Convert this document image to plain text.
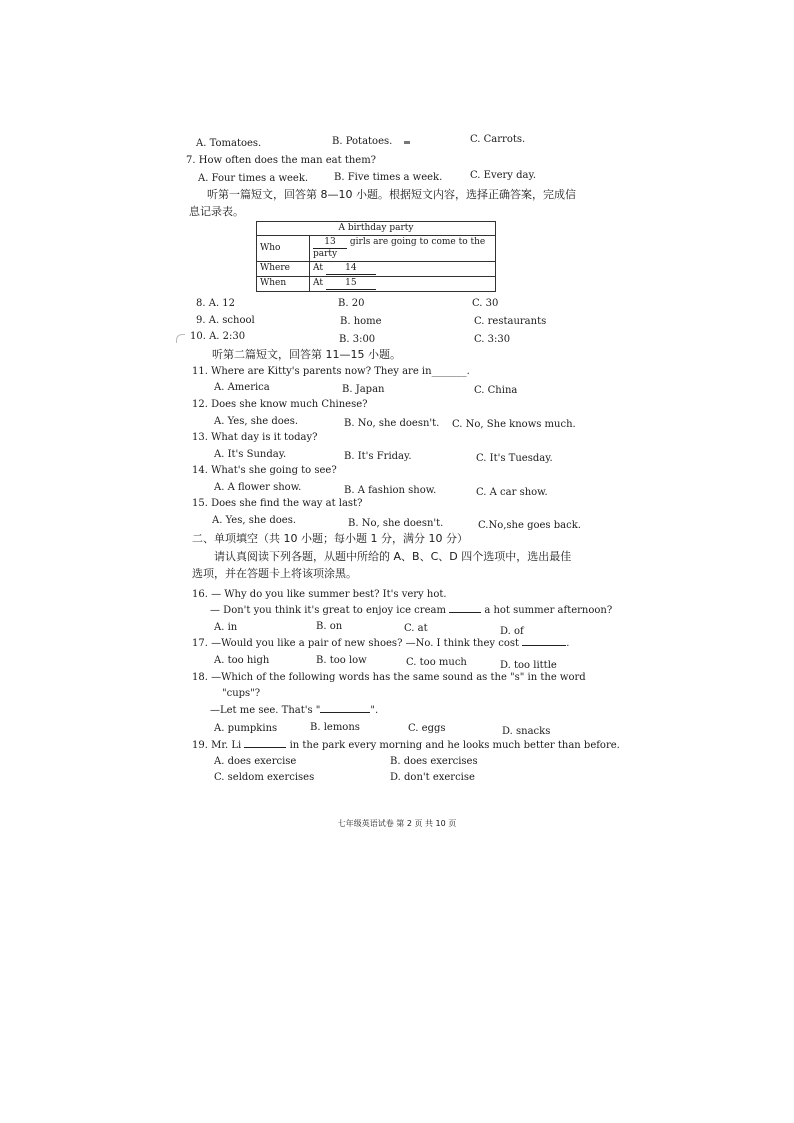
A. Tomatoes.	B. Potatoes.	C. Carrots.
7. How often does the man eat them?
A. Four times a week.	B. Five times a week.	C. Every day.
听第一篇短文，回答第 8—10 小题。根据短文内容，选择正确答案，完成信
息记录表。
A birthday party	
Who	13 girls are going to come to the
party
Where	At 14
When	At 15
8. A. 12	B. 20	C. 30
9. A. school	B. home	C. restaurants
10. A. 2:30	B. 3:00	C. 3:30
听第二篇短文，回答第 11—15 小题。
11. Where are Kitty's parents now? They are in_______.
A. America	B. Japan	C. China
12. Does she know much Chinese?
A. Yes, she does.	B. No, she doesn't. C. No, She knows much.
13. What day is it today?
A. It's Sunday.	B. It's Friday.	C. It's Tuesday.
14. What's she going to see?
A. A flower show.	B. A fashion show.	C. A car show.
15. Does she find the way at last?
A. Yes, she does.	B. No, she doesn't.	C.No,she goes back.
二、单项填空（共 10 小题；每小题 1 分，满分 10 分）
请认真阅读下列各题，从题中所给的 A、B、C、D 四个选项中，选出最佳
选项，并在答题卡上将该项涂黑。
16. — Why do you like summer best? It's very hot.
— Don't you think it's great to enjoy ice cream	a hot summer afternoon?
A. in	B. on	C. at	D. of
17. —Would you like a pair of new shoes? —No. I think they cost	.
A. too high	B. too low	C. too much	D. too little
18. —Which of the following words has the same sound as the "s" in the word
"cups"?
—Let me see. That's "	".
A. pumpkins	B. lemons	C. eggs	D. snacks
19. Mr. Li	in the park every morning and he looks much better than before.
A. does exercise	B. does exercises
C. seldom exercises	D. don't exercise
七年级英语试卷 第 2 页 共 10 页
